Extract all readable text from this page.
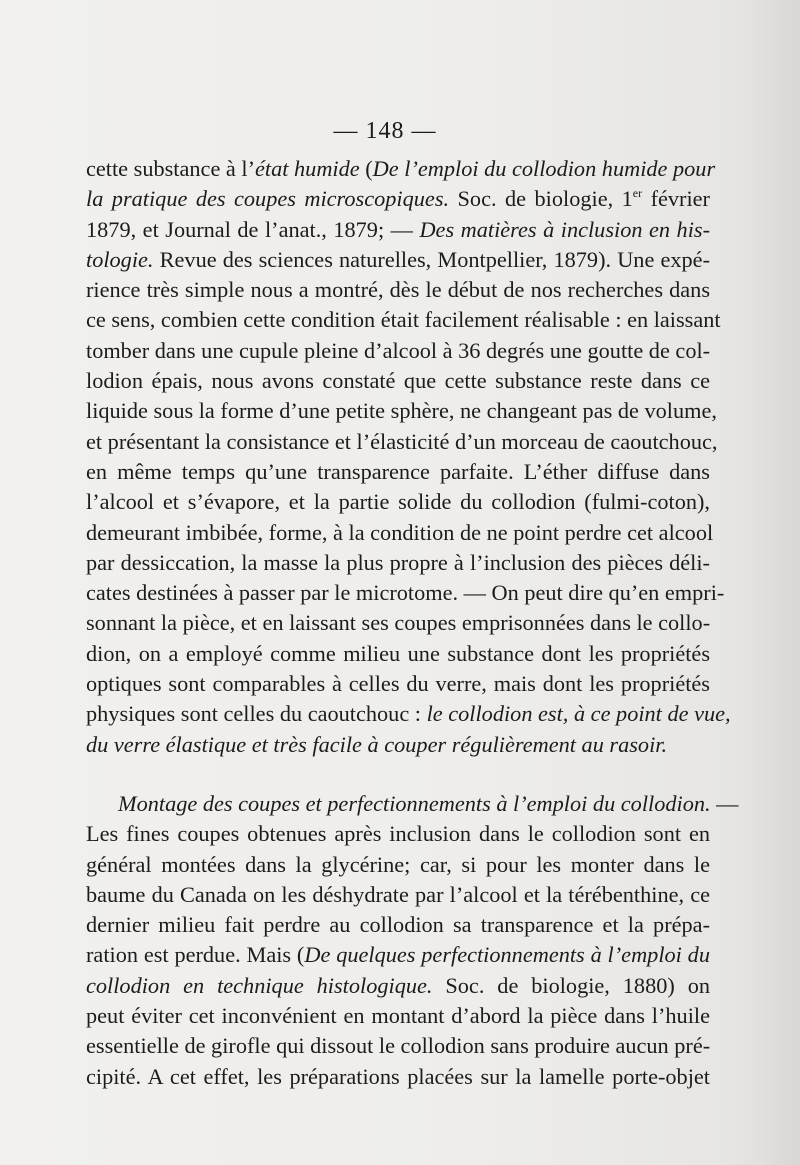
— 148 —
cette substance à l’état humide (De l’emploi du collodion humide pour
la pratique des coupes microscopiques. Soc. de biologie, 1er février
1879, et Journal de l’anat., 1879; — Des matières à inclusion en his-
tologie. Revue des sciences naturelles, Montpellier, 1879). Une expé-
rience très simple nous a montré, dès le début de nos recherches dans
ce sens, combien cette condition était facilement réalisable : en laissant
tomber dans une cupule pleine d’alcool à 36 degrés une goutte de col-
lodion épais, nous avons constaté que cette substance reste dans ce
liquide sous la forme d’une petite sphère, ne changeant pas de volume,
et présentant la consistance et l’élasticité d’un morceau de caoutchouc,
en même temps qu’une transparence parfaite. L’éther diffuse dans
l’alcool et s’évapore, et la partie solide du collodion (fulmi-coton),
demeurant imbibée, forme, à la condition de ne point perdre cet alcool
par dessiccation, la masse la plus propre à l’inclusion des pièces déli-
cates destinées à passer par le microtome. — On peut dire qu’en empri-
sonnant la pièce, et en laissant ses coupes emprisonnées dans le collo-
dion, on a employé comme milieu une substance dont les propriétés
optiques sont comparables à celles du verre, mais dont les propriétés
physiques sont celles du caoutchouc : le collodion est, à ce point de vue,
du verre élastique et très facile à couper régulièrement au rasoir.
Montage des coupes et perfectionnements à l’emploi du collodion. —
Les fines coupes obtenues après inclusion dans le collodion sont en
général montées dans la glycérine; car, si pour les monter dans le
baume du Canada on les déshydrate par l’alcool et la térébenthine, ce
dernier milieu fait perdre au collodion sa transparence et la prépa-
ration est perdue. Mais (De quelques perfectionnements à l’emploi du
collodion en technique histologique. Soc. de biologie, 1880) on
peut éviter cet inconvénient en montant d’abord la pièce dans l’huile
essentielle de girofle qui dissout le collodion sans produire aucun pré-
cipité. A cet effet, les préparations placées sur la lamelle porte-objet
